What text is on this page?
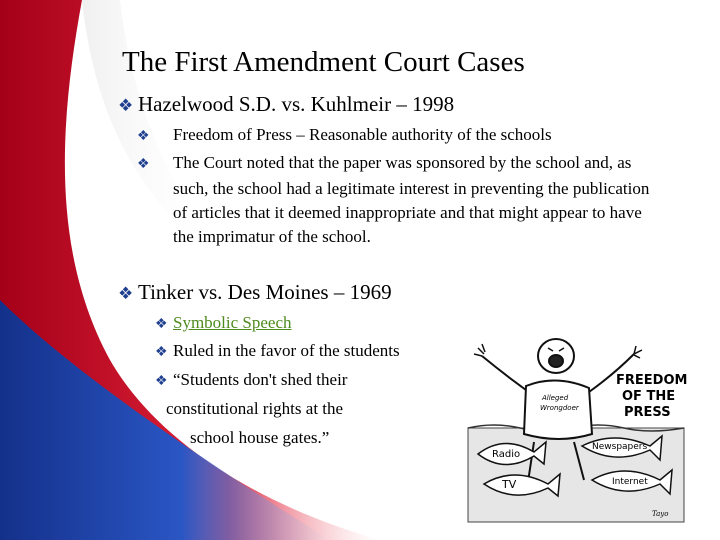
The First Amendment Court Cases
❖ Hazelwood S.D. vs. Kuhlmeir – 1998
❖ Freedom of Press – Reasonable authority of the schools
❖ The Court noted that the paper was sponsored by the school and, as such, the school had a legitimate interest in preventing the publication of articles that it deemed inappropriate and that might appear to have the imprimatur of the school.
❖ Tinker vs. Des Moines – 1969
❖ Symbolic Speech
❖ Ruled in the favor of the students
❖ “Students don't shed their
constitutional rights at the
school house gates.”
Alleged
Wrongdoer
FREEDOM
OF THE
PRESS
Radio
Newspapers
TV	Internet
Tayo
